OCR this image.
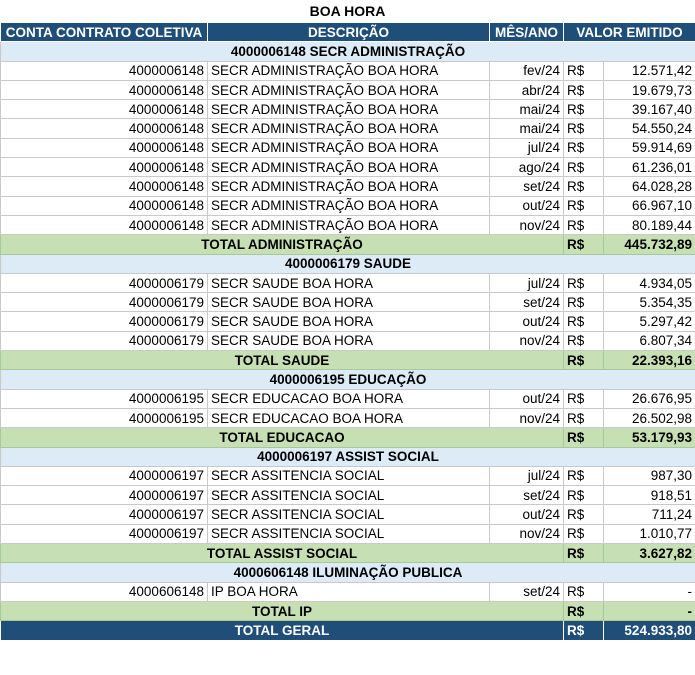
BOA HORA
CONTA CONTRATO COLETIVA	DESCRIÇÃO	MÊS/ANO	VALOR EMITIDO	
4000006148 SECR ADMINISTRAÇÃO				
4000006148	SECR ADMINISTRAÇÃO BOA HORA	fev/24	R$	12.571,42
4000006148	SECR ADMINISTRAÇÃO BOA HORA	abr/24	R$	19.679,73
4000006148	SECR ADMINISTRAÇÃO BOA HORA	mai/24	R$	39.167,40
4000006148	SECR ADMINISTRAÇÃO BOA HORA	mai/24	R$	54.550,24
4000006148	SECR ADMINISTRAÇÃO BOA HORA	jul/24	R$	59.914,69
4000006148	SECR ADMINISTRAÇÃO BOA HORA	ago/24	R$	61.236,01
4000006148	SECR ADMINISTRAÇÃO BOA HORA	set/24	R$	64.028,28
4000006148	SECR ADMINISTRAÇÃO BOA HORA	out/24	R$	66.967,10
4000006148	SECR ADMINISTRAÇÃO BOA HORA	nov/24	R$	80.189,44
TOTAL ADMINISTRAÇÃO			R$	445.732,89
4000006179 SAUDE				
4000006179	SECR SAUDE BOA HORA	jul/24	R$	4.934,05
4000006179	SECR SAUDE BOA HORA	set/24	R$	5.354,35
4000006179	SECR SAUDE BOA HORA	out/24	R$	5.297,42
4000006179	SECR SAUDE BOA HORA	nov/24	R$	6.807,34
TOTAL SAUDE			R$	22.393,16
4000006195 EDUCAÇÃO				
4000006195	SECR EDUCACAO BOA HORA	out/24	R$	26.676,95
4000006195	SECR EDUCACAO BOA HORA	nov/24	R$	26.502,98
TOTAL EDUCACAO			R$	53.179,93
4000006197 ASSIST SOCIAL				
4000006197	SECR ASSITENCIA SOCIAL	jul/24	R$	987,30
4000006197	SECR ASSITENCIA SOCIAL	set/24	R$	918,51
4000006197	SECR ASSITENCIA SOCIAL	out/24	R$	711,24
4000006197	SECR ASSITENCIA SOCIAL	nov/24	R$	1.010,77
TOTAL ASSIST SOCIAL			R$	3.627,82
4000606148 ILUMINAÇÃO PUBLICA				
4000606148	IP BOA HORA	set/24	R$	-
TOTAL IP			R$	-
TOTAL GERAL			R$	524.933,80
